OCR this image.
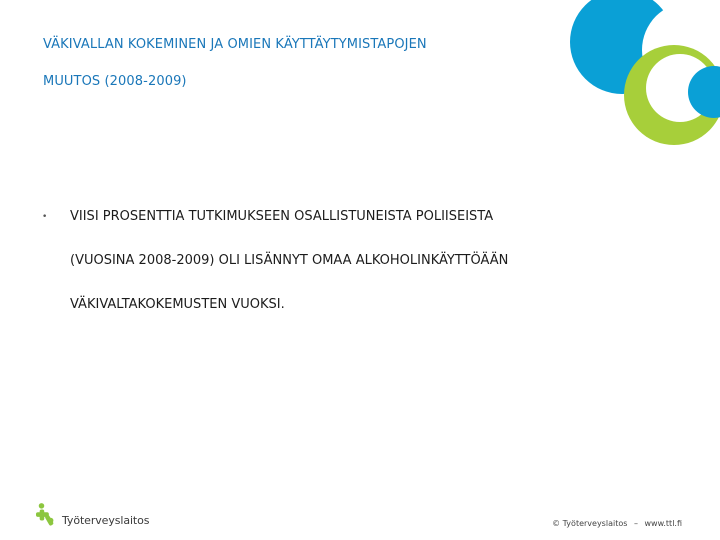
VÄKIVALLAN KOKEMINEN JA OMIEN KÄYTTÄYTYMISTAPOJEN
MUUTOS (2008-2009)
• VIISI PROSENTTIA TUTKIMUKSEEN OSALLISTUNEISTA POLIISEISTA
(VUOSINA 2008-2009) OLI LISÄNNYT OMAA ALKOHOLINKÄYTTÖÄÄN
VÄKIVALTAKOKEMUSTEN VUOKSI.
Työterveyslaitos	© Työterveyslaitos – www.ttl.fi
